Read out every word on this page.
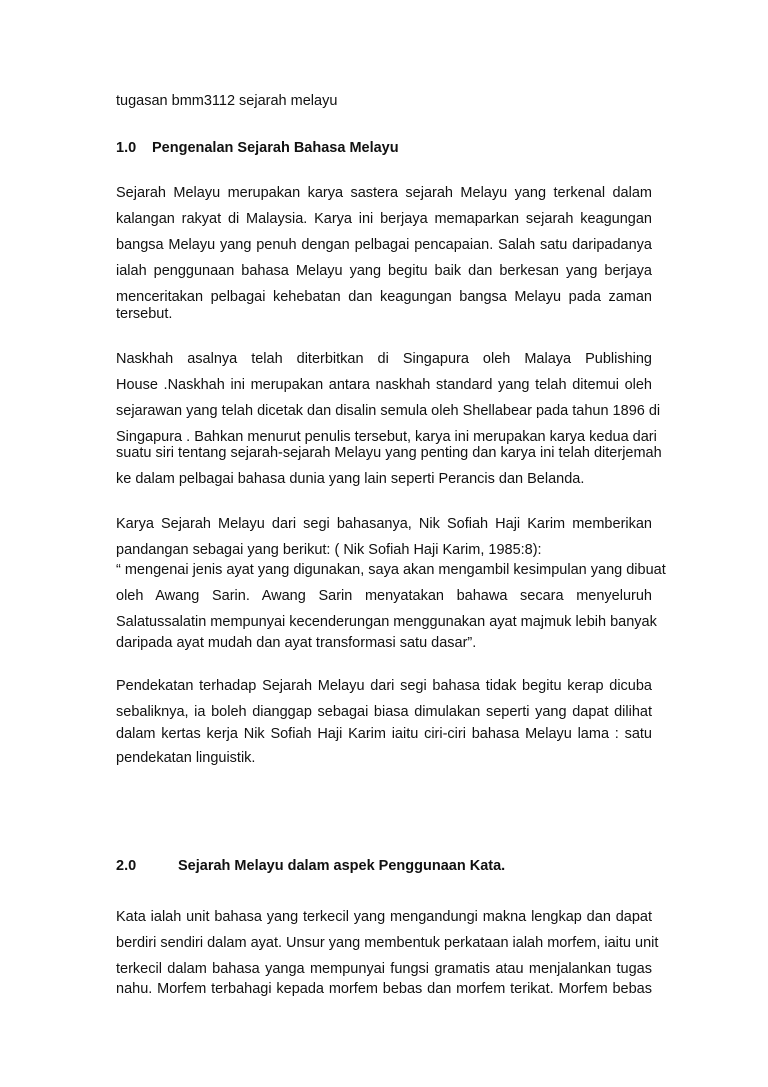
tugasan bmm3112 sejarah melayu
1.0 Pengenalan Sejarah Bahasa Melayu
Sejarah Melayu merupakan karya sastera sejarah Melayu yang terkenal dalam
kalangan rakyat di Malaysia. Karya ini berjaya memaparkan sejarah keagungan
bangsa Melayu yang penuh dengan pelbagai pencapaian. Salah satu daripadanya
ialah penggunaan bahasa Melayu yang begitu baik dan berkesan yang berjaya
menceritakan pelbagai kehebatan dan keagungan bangsa Melayu pada zaman
tersebut.
Naskhah asalnya telah diterbitkan di Singapura oleh Malaya Publishing
House .Naskhah ini merupakan antara naskhah standard yang telah ditemui oleh
sejarawan yang telah dicetak dan disalin semula oleh Shellabear pada tahun 1896 di
Singapura . Bahkan menurut penulis tersebut, karya ini merupakan karya kedua dari
suatu siri tentang sejarah-sejarah Melayu yang penting dan karya ini telah diterjemah
ke dalam pelbagai bahasa dunia yang lain seperti Perancis dan Belanda.
Karya Sejarah Melayu dari segi bahasanya, Nik Sofiah Haji Karim memberikan
pandangan sebagai yang berikut: ( Nik Sofiah Haji Karim, 1985:8):
“ mengenai jenis ayat yang digunakan, saya akan mengambil kesimpulan yang dibuat
oleh Awang Sarin. Awang Sarin menyatakan bahawa secara menyeluruh
Salatussalatin mempunyai kecenderungan menggunakan ayat majmuk lebih banyak
daripada ayat mudah dan ayat transformasi satu dasar”.
Pendekatan terhadap Sejarah Melayu dari segi bahasa tidak begitu kerap dicuba
sebaliknya, ia boleh dianggap sebagai biasa dimulakan seperti yang dapat dilihat
dalam kertas kerja Nik Sofiah Haji Karim iaitu ciri-ciri bahasa Melayu lama : satu
pendekatan linguistik.
2.0	Sejarah Melayu dalam aspek Penggunaan Kata.
Kata ialah unit bahasa yang terkecil yang mengandungi makna lengkap dan dapat
berdiri sendiri dalam ayat. Unsur yang membentuk perkataan ialah morfem, iaitu unit
terkecil dalam bahasa yanga mempunyai fungsi gramatis atau menjalankan tugas
nahu. Morfem terbahagi kepada morfem bebas dan morfem terikat. Morfem bebas
